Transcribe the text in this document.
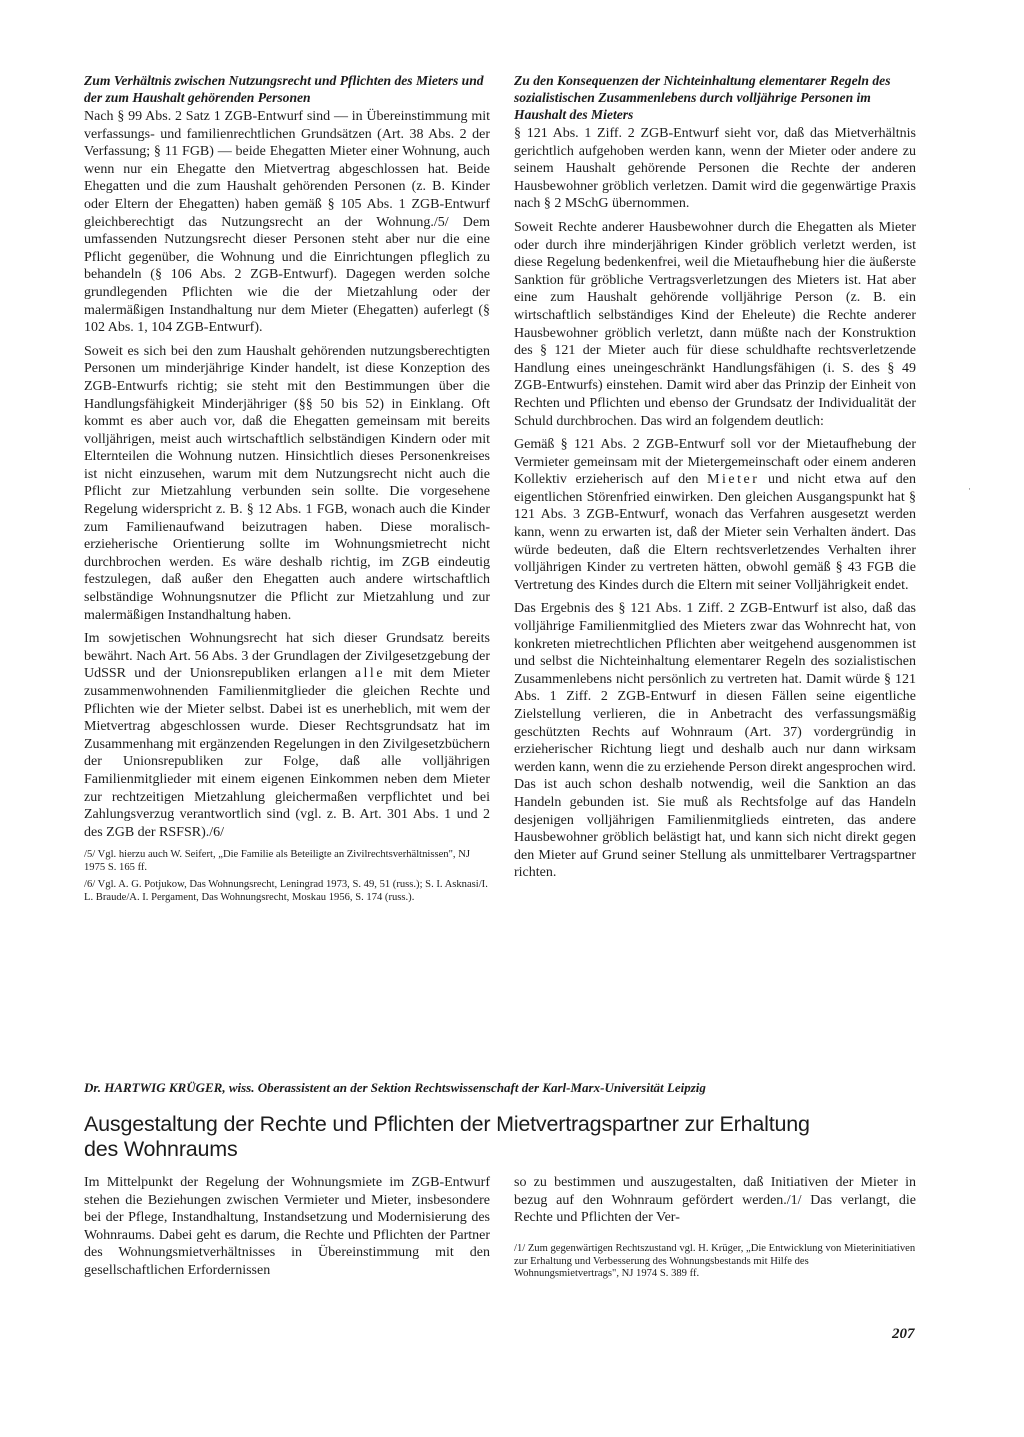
Zum Verhältnis zwischen Nutzungsrecht und Pflichten des Mieters und der zum Haushalt gehörenden Personen

Nach § 99 Abs. 2 Satz 1 ZGB-Entwurf sind — in Übereinstimmung mit verfassungs- und familienrechtlichen Grundsätzen (Art. 38 Abs. 2 der Verfassung; § 11 FGB) — beide Ehegatten Mieter einer Wohnung, auch wenn nur ein Ehegatte den Mietvertrag abgeschlossen hat. Beide Ehegatten und die zum Haushalt gehörenden Personen (z. B. Kinder oder Eltern der Ehegatten) haben gemäß § 105 Abs. 1 ZGB-Entwurf gleichberechtigt das Nutzungsrecht an der Wohnung./5/ Dem umfassenden Nutzungsrecht dieser Personen steht aber nur die eine Pflicht gegenüber, die Wohnung und die Einrichtungen pfleglich zu behandeln (§ 106 Abs. 2 ZGB-Entwurf). Dagegen werden solche grundlegenden Pflichten wie die der Mietzahlung oder der malermäßigen Instandhaltung nur dem Mieter (Ehegatten) auferlegt (§ 102 Abs. 1, 104 ZGB-Entwurf).

Soweit es sich bei den zum Haushalt gehörenden nutzungsberechtigten Personen um minderjährige Kinder handelt, ist diese Konzeption des ZGB-Entwurfs richtig; sie steht mit den Bestimmungen über die Handlungsfähigkeit Minderjähriger (§§ 50 bis 52) in Einklang. Oft kommt es aber auch vor, daß die Ehegatten gemeinsam mit bereits volljährigen, meist auch wirtschaftlich selbständigen Kindern oder mit Elternteilen die Wohnung nutzen. Hinsichtlich dieses Personenkreises ist nicht einzusehen, warum mit dem Nutzungsrecht nicht auch die Pflicht zur Mietzahlung verbunden sein sollte. Die vorgesehene Regelung widerspricht z. B. § 12 Abs. 1 FGB, wonach auch die Kinder zum Familienaufwand beizutragen haben. Diese moralisch-erzieherische Orientierung sollte im Wohnungsmietrecht nicht durchbrochen werden. Es wäre deshalb richtig, im ZGB eindeutig festzulegen, daß außer den Ehegatten auch andere wirtschaftlich selbständige Wohnungsnutzer die Pflicht zur Mietzahlung und zur malermäßigen Instandhaltung haben.

Im sowjetischen Wohnungsrecht hat sich dieser Grundsatz bereits bewährt. Nach Art. 56 Abs. 3 der Grundlagen der Zivilgesetzgebung der UdSSR und der Unionsrepubliken erlangen alle mit dem Mieter zusammenwohnenden Familienmitglieder die gleichen Rechte und Pflichten wie der Mieter selbst. Dabei ist es unerheblich, mit wem der Mietvertrag abgeschlossen wurde. Dieser Rechtsgrundsatz hat im Zusammenhang mit ergänzenden Regelungen in den Zivilgesetzbüchern der Unionsrepubliken zur Folge, daß alle volljährigen Familienmitglieder mit einem eigenen Einkommen neben dem Mieter zur rechtzeitigen Mietzahlung gleichermaßen verpflichtet und bei Zahlungsverzug verantwortlich sind (vgl. z. B. Art. 301 Abs. 1 und 2 des ZGB der RSFSR)./6/

/5/ Vgl. hierzu auch W. Seifert, „Die Familie als Beteiligte an Zivilrechtsverhältnissen", NJ 1975 S. 165 ff.

/6/ Vgl. A. G. Potjukow, Das Wohnungsrecht, Leningrad 1973, S. 49, 51 (russ.); S. I. Asknasi/I. L. Braude/A. I. Pergament, Das Wohnungsrecht, Moskau 1956, S. 174 (russ.).

Zu den Konsequenzen der Nichteinhaltung elementarer Regeln des sozialistischen Zusammenlebens durch volljährige Personen im Haushalt des Mieters

§ 121 Abs. 1 Ziff. 2 ZGB-Entwurf sieht vor, daß das Mietverhältnis gerichtlich aufgehoben werden kann, wenn der Mieter oder andere zu seinem Haushalt gehörende Personen die Rechte der anderen Hausbewohner gröblich verletzen. Damit wird die gegenwärtige Praxis nach § 2 MSchG übernommen.

Soweit Rechte anderer Hausbewohner durch die Ehegatten als Mieter oder durch ihre minderjährigen Kinder gröblich verletzt werden, ist diese Regelung bedenkenfrei, weil die Mietaufhebung hier die äußerste Sanktion für gröbliche Vertragsverletzungen des Mieters ist. Hat aber eine zum Haushalt gehörende volljährige Person (z. B. ein wirtschaftlich selbständiges Kind der Eheleute) die Rechte anderer Hausbewohner gröblich verletzt, dann müßte nach der Konstruktion des § 121 der Mieter auch für diese schuldhafte rechtsverletzende Handlung eines uneingeschränkt Handlungsfähigen (i. S. des § 49 ZGB-Entwurfs) einstehen. Damit wird aber das Prinzip der Einheit von Rechten und Pflichten und ebenso der Grundsatz der Individualität der Schuld durchbrochen. Das wird an folgendem deutlich:

Gemäß § 121 Abs. 2 ZGB-Entwurf soll vor der Mietaufhebung der Vermieter gemeinsam mit der Mietergemeinschaft oder einem anderen Kollektiv erzieherisch auf den Mieter und nicht etwa auf den eigentlichen Störenfried einwirken. Den gleichen Ausgangspunkt hat § 121 Abs. 3 ZGB-Entwurf, wonach das Verfahren ausgesetzt werden kann, wenn zu erwarten ist, daß der Mieter sein Verhalten ändert. Das würde bedeuten, daß die Eltern rechtsverletzendes Verhalten ihrer volljährigen Kinder zu vertreten hätten, obwohl gemäß § 43 FGB die Vertretung des Kindes durch die Eltern mit seiner Volljährigkeit endet.

Das Ergebnis des § 121 Abs. 1 Ziff. 2 ZGB-Entwurf ist also, daß das volljährige Familienmitglied des Mieters zwar das Wohnrecht hat, von konkreten mietrechtlichen Pflichten aber weitgehend ausgenommen ist und selbst die Nichteinhaltung elementarer Regeln des sozialistischen Zusammenlebens nicht persönlich zu vertreten hat. Damit würde § 121 Abs. 1 Ziff. 2 ZGB-Entwurf in diesen Fällen seine eigentliche Zielstellung verlieren, die in Anbetracht des verfassungsmäßig geschützten Rechts auf Wohnraum (Art. 37) vordergründig in erzieherischer Richtung liegt und deshalb auch nur dann wirksam werden kann, wenn die zu erziehende Person direkt angesprochen wird. Das ist auch schon deshalb notwendig, weil die Sanktion an das Handeln gebunden ist. Sie muß als Rechtsfolge auf das Handeln desjenigen volljährigen Familienmitglieds eintreten, das andere Hausbewohner gröblich belästigt hat, und kann sich nicht direkt gegen den Mieter auf Grund seiner Stellung als unmittelbarer Vertragspartner richten.

·
Dr. HARTWIG KRÜGER, wiss. Oberassistent an der Sektion Rechtswissenschaft der Karl-Marx-Universität Leipzig
Ausgestaltung der Rechte und Pflichten der Mietvertragspartner zur Erhaltung des Wohnraums

Im Mittelpunkt der Regelung der Wohnungsmiete im ZGB-Entwurf stehen die Beziehungen zwischen Vermieter und Mieter, insbesondere bei der Pflege, Instandhaltung, Instandsetzung und Modernisierung des Wohnraums. Dabei geht es darum, die Rechte und Pflichten der Partner des Wohnungsmietverhältnisses in Übereinstimmung mit den gesellschaftlichen Erfordernissen

so zu bestimmen und auszugestalten, daß Initiativen der Mieter in bezug auf den Wohnraum gefördert werden./1/ Das verlangt, die Rechte und Pflichten der Ver-

/1/ Zum gegenwärtigen Rechtszustand vgl. H. Krüger, „Die Entwicklung von Mieterinitiativen zur Erhaltung und Verbesserung des Wohnungsbestands mit Hilfe des Wohnungsmietvertrags", NJ 1974 S. 389 ff.

207
